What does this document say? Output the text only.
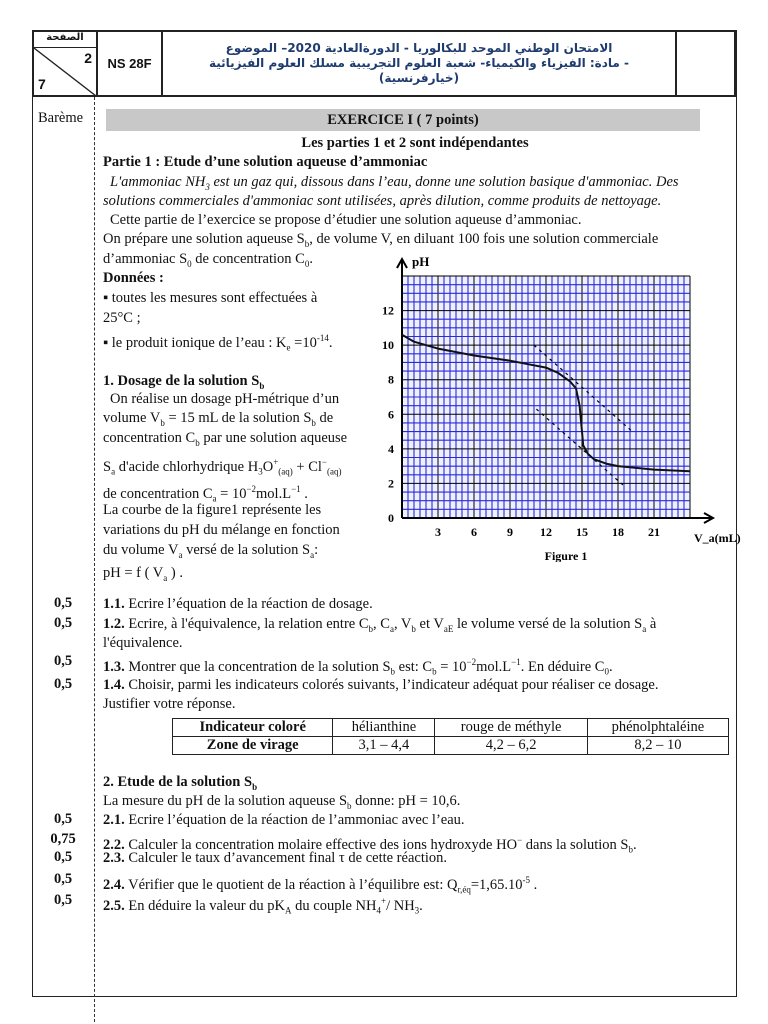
الصفحة
2
7
NS 28F
الامتحان الوطني الموحد للبكالوريا - الدورةالعادية 2020– الموضوع
- مادة: الفيزياء والكيمياء- شعبة العلوم التجريبية مسلك العلوم الفيزيائية (خيارفرنسية)
Barème	EXERCICE I ( 7 points)
Les parties 1 et 2 sont indépendantes
Partie 1 : Etude d’une solution aqueuse d’ammoniac
L'ammoniac $NH_3$ est un gaz qui, dissous dans l’eau, donne une solution basique d'ammoniac. Des
solutions commerciales d'ammoniac sont utilisées, après dilution, comme produits de nettoyage.
Cette partie de l’exercice se propose d’étudier une solution aqueuse d’ammoniac.
On prépare une solution aqueuse $S_b$, de volume V, en diluant 100 fois une solution commerciale
d’ammoniac $S_0$ de concentration $C_0$.
Données :
▪ toutes les mesures sont effectuées à
25°C ;
▪ le produit ionique de l’eau : $K_e =10^{-14}$.
1. Dosage de la solution $S_b$
On réalise un dosage pH-métrique d’un
volume $V_b = 15$ mL de la solution $S_b$ de
concentration $C_b$ par une solution aqueuse
$S_a$ d'acide chlorhydrique $H_3O^+_{(aq)} + Cl^-_{(aq)}$
de concentration $C_a = 10^{-2}mol.L^{-1}$ .
La courbe de la figure1 représente les
variations du pH du mélange en fonction
du volume $V_a$ versé de la solution $S_a$:
pH = f ( $V_a$ ) .
pH
3	6	9 12 15 18 21
0
2
4
6
8
10
12
Figure 1
V_a(mL)
0,5	1.1. Ecrire l’équation de la réaction de dosage.
0,5	1.2. Ecrire, à l'équivalence, la relation entre $C_b$, $C_a$, $V_b$ et $V_{aE}$ le volume versé de la solution $S_a$ à
l'équivalence.
0,5	1.3. Montrer que la concentration de la solution $S_b$ est: $C_b = 10^{-2}mol.L^{-1}$. En déduire $C_0$.
0,5	1.4. Choisir, parmi les indicateurs colorés suivants, l’indicateur adéquat pour réaliser ce dosage.
Justifier votre réponse.
Indicateur coloré	hélianthine	rouge de méthyle	phénolphtaléine
Zone de virage	3,1 – 4,4	4,2 – 6,2	8,2 – 10
2. Etude de la solution $S_b$
La mesure du pH de la solution aqueuse $S_b$ donne: pH = 10,6.
0,5	2.1. Ecrire l’équation de la réaction de l’ammoniac avec l’eau.
0,75	2.2. Calculer la concentration molaire effective des ions hydroxyde HO− dans la solution $S_b$.
0,5	2.3. Calculer le taux d’avancement final τ de cette réaction.
0,5	2.4. Vérifier que le quotient de la réaction à l’équilibre est: $Q_{r,éq}=1,65.10^{-5}$ .
0,5	2.5. En déduire la valeur du $pK_A$ du couple $NH_4^+/$ $NH_3$.
